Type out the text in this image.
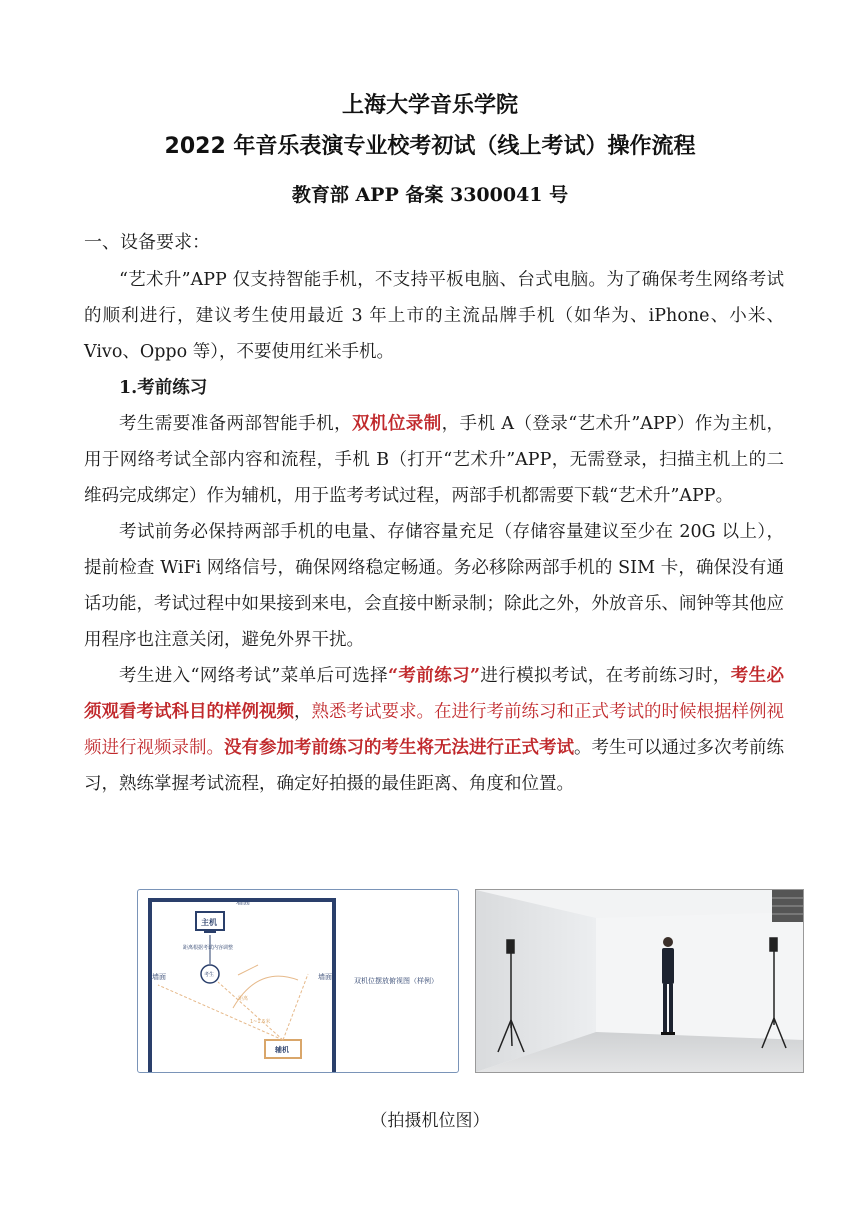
上海大学音乐学院
2022 年音乐表演专业校考初试（线上考试）操作流程
教育部 APP 备案 3300041 号
一、设备要求：

“艺术升”APP 仅支持智能手机，不支持平板电脑、台式电脑。为了确保考生网络考试的顺利进行，建议考生使用最近 3 年上市的主流品牌手机（如华为、iPhone、小米、Vivo、Oppo 等），不要使用红米手机。

1.考前练习

考生需要准备两部智能手机，双机位录制，手机 A（登录“艺术升”APP）作为主机，用于网络考试全部内容和流程，手机 B（打开“艺术升”APP，无需登录，扫描主机上的二维码完成绑定）作为辅机，用于监考考试过程，两部手机都需要下载“艺术升”APP。

考试前务必保持两部手机的电量、存储容量充足（存储容量建议至少在 20G 以上），提前检查 WiFi 网络信号，确保网络稳定畅通。务必移除两部手机的 SIM 卡，确保没有通话功能，考试过程中如果接到来电，会直接中断录制；除此之外，外放音乐、闹钟等其他应用程序也注意关闭，避免外界干扰。

考生进入“网络考试”菜单后可选择“考前练习”进行模拟考试，在考前练习时，考生必须观看考试科目的样例视频，熟悉考试要求。在进行考前练习和正式考试的时候根据样例视频进行视频录制。没有参加考前练习的考生将无法进行正式考试。考生可以通过多次考前练习，熟练掌握考试流程，确定好拍摄的最佳距离、角度和位置。

墙面
墙面	墙面
主机
距离根据考试内容调整
考生
辅机
距离
1~1.5米
双机位摆放俯视图（样例）
（拍摄机位图）
